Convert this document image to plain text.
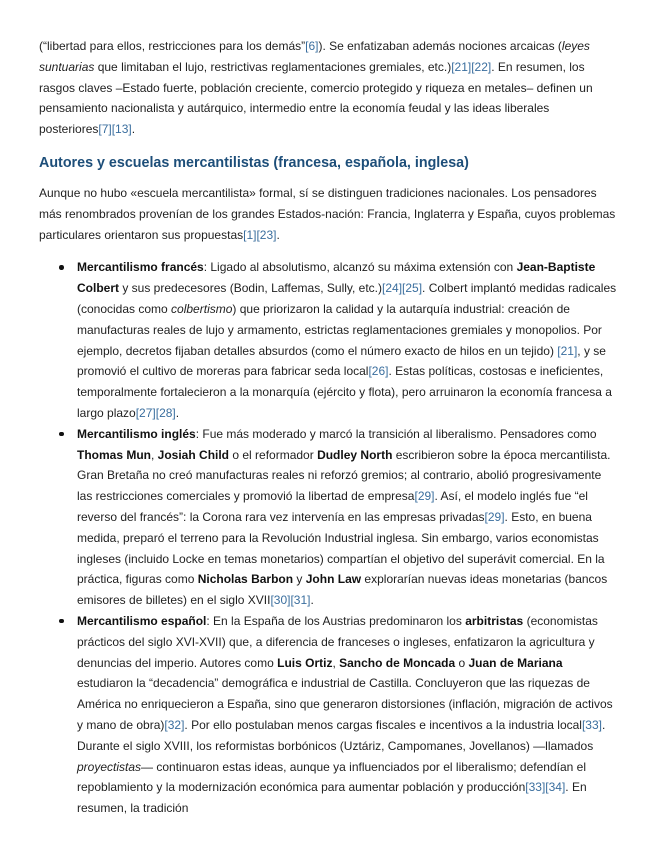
(“libertad para ellos, restricciones para los demás”[6]). Se enfatizaban además nociones arcaicas (leyes suntuarias que limitaban el lujo, restrictivas reglamentaciones gremiales, etc.)[21][22]. En resumen, los rasgos claves –Estado fuerte, población creciente, comercio protegido y riqueza en metales– definen un pensamiento nacionalista y autárquico, intermedio entre la economía feudal y las ideas liberales posteriores[7][13].

Autores y escuelas mercantilistas (francesa, española, inglesa)

Aunque no hubo «escuela mercantilista» formal, sí se distinguen tradiciones nacionales. Los pensadores más renombrados provenían de los grandes Estados-nación: Francia, Inglaterra y España, cuyos problemas particulares orientaron sus propuestas[1][23].

Mercantilismo francés: Ligado al absolutismo, alcanzó su máxima extensión con Jean-Baptiste Colbert y sus predecesores (Bodin, Laffemas, Sully, etc.)[24][25]. Colbert implantó medidas radicales (conocidas como colbertismo) que priorizaron la calidad y la autarquía industrial: creación de manufacturas reales de lujo y armamento, estrictas reglamentaciones gremiales y monopolios. Por ejemplo, decretos fijaban detalles absurdos (como el número exacto de hilos en un tejido) [21], y se promovió el cultivo de moreras para fabricar seda local[26]. Estas políticas, costosas e ineficientes, temporalmente fortalecieron a la monarquía (ejército y flota), pero arruinaron la economía francesa a largo plazo[27][28].
Mercantilismo inglés: Fue más moderado y marcó la transición al liberalismo. Pensadores como Thomas Mun, Josiah Child o el reformador Dudley North escribieron sobre la época mercantilista. Gran Bretaña no creó manufacturas reales ni reforzó gremios; al contrario, abolió progresivamente las restricciones comerciales y promovió la libertad de empresa[29]. Así, el modelo inglés fue “el reverso del francés”: la Corona rara vez intervenía en las empresas privadas[29]. Esto, en buena medida, preparó el terreno para la Revolución Industrial inglesa. Sin embargo, varios economistas ingleses (incluido Locke en temas monetarios) compartían el objetivo del superávit comercial. En la práctica, figuras como Nicholas Barbon y John Law explorarían nuevas ideas monetarias (bancos emisores de billetes) en el siglo XVII[30][31].
Mercantilismo español: En la España de los Austrias predominaron los arbitristas (economistas prácticos del siglo XVI-XVII) que, a diferencia de franceses o ingleses, enfatizaron la agricultura y denuncias del imperio. Autores como Luis Ortiz, Sancho de Moncada o Juan de Mariana estudiaron la “decadencia” demográfica e industrial de Castilla. Concluyeron que las riquezas de América no enriquecieron a España, sino que generaron distorsiones (inflación, migración de activos y mano de obra)[32]. Por ello postulaban menos cargas fiscales e incentivos a la industria local[33]. Durante el siglo XVIII, los reformistas borbónicos (Uztáriz, Campomanes, Jovellanos) —llamados proyectistas— continuaron estas ideas, aunque ya influenciados por el liberalismo; defendían el repoblamiento y la modernización económica para aumentar población y producción[33][34]. En resumen, la tradición
